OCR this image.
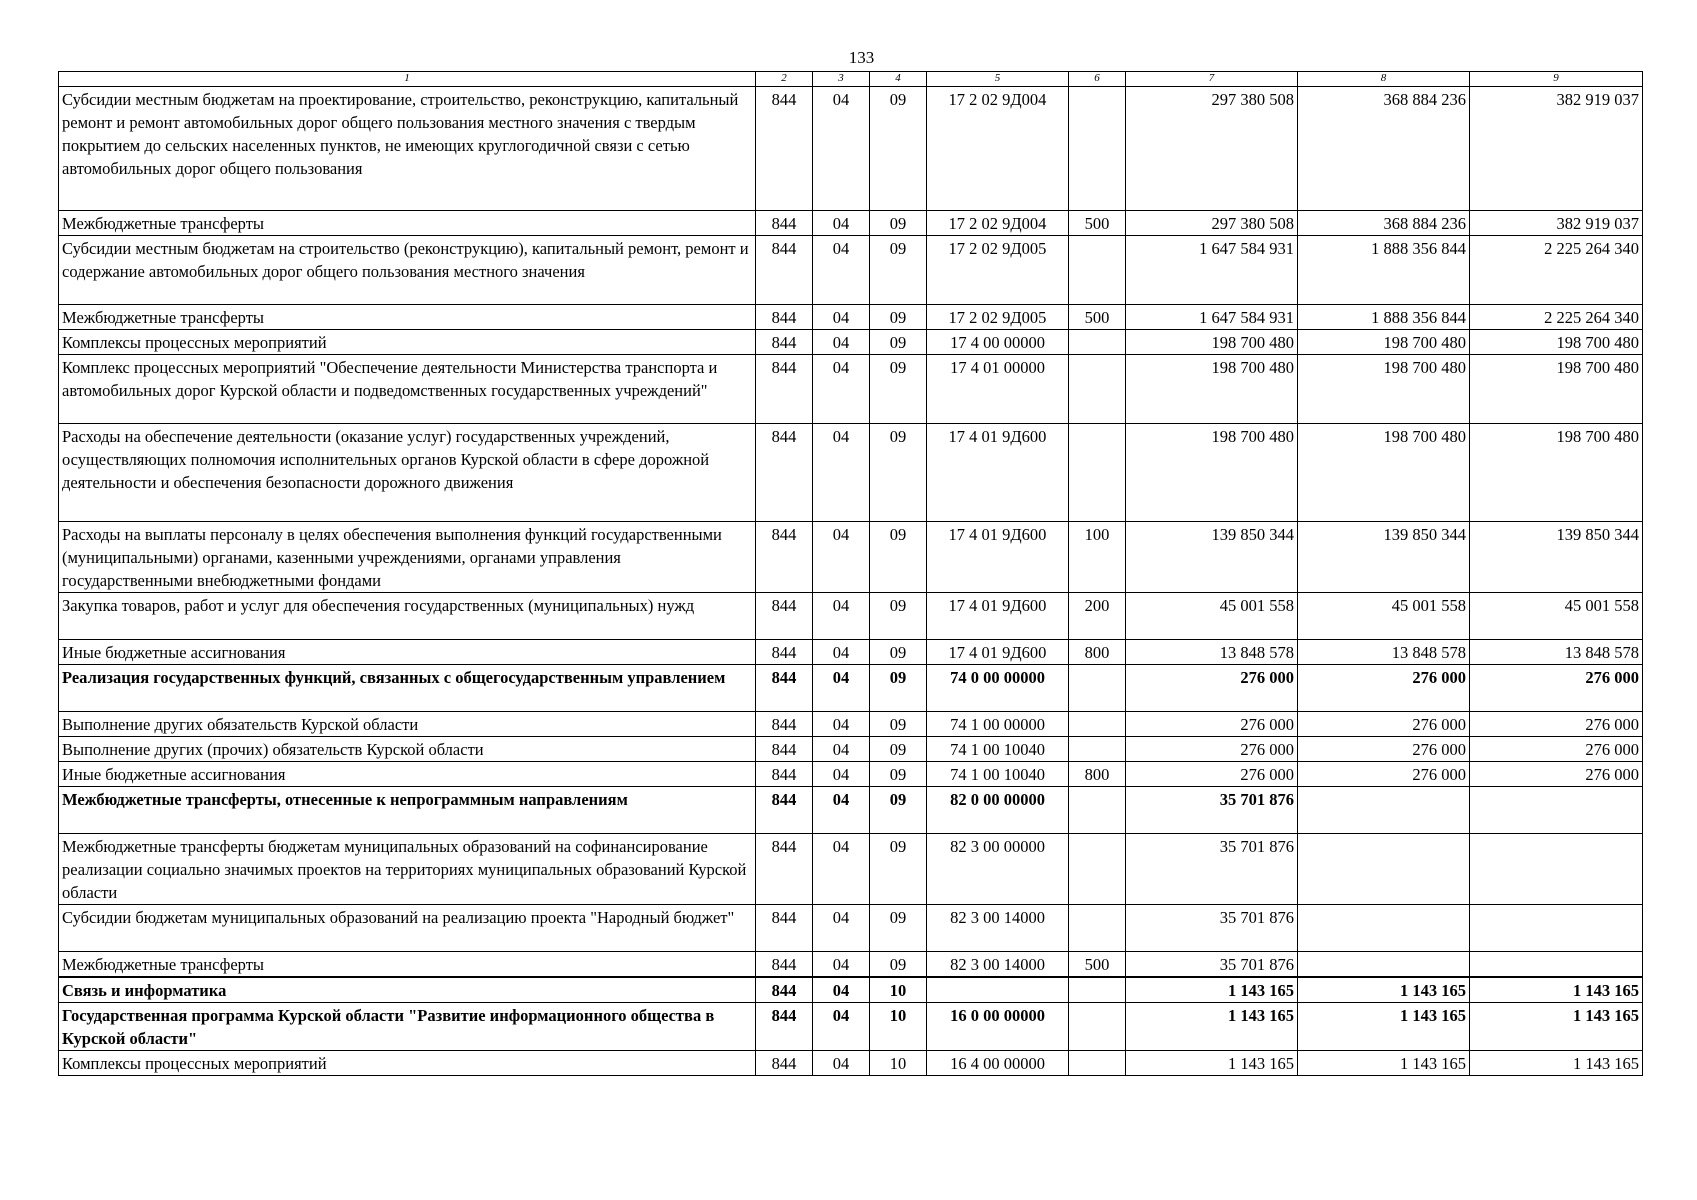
133
1	2	3	4	5	6	7	8	9
Субсидии местным бюджетам на проектирование, строительство, реконструкцию, капитальный ремонт и ремонт автомобильных дорог общего пользования местного значения с твердым покрытием до сельских населенных пунктов, не имеющих круглогодичной связи с сетью автомобильных дорог общего пользования	844	04	09	17 2 02 9Д004		297 380 508	368 884 236	382 919 037
Межбюджетные трансферты	844	04	09	17 2 02 9Д004	500	297 380 508	368 884 236	382 919 037
Субсидии местным бюджетам на строительство (реконструкцию), капитальный ремонт, ремонт и содержание автомобильных дорог общего пользования местного значения	844	04	09	17 2 02 9Д005		1 647 584 931	1 888 356 844	2 225 264 340
Межбюджетные трансферты	844	04	09	17 2 02 9Д005	500	1 647 584 931	1 888 356 844	2 225 264 340
Комплексы процессных мероприятий	844	04	09	17 4 00 00000		198 700 480	198 700 480	198 700 480
Комплекс процессных мероприятий "Обеспечение деятельности Министерства транспорта и автомобильных дорог Курской области и подведомственных государственных учреждений"	844	04	09	17 4 01 00000		198 700 480	198 700 480	198 700 480
Расходы на обеспечение деятельности (оказание услуг) государственных учреждений, осуществляющих полномочия исполнительных органов Курской области в сфере дорожной деятельности и обеспечения безопасности дорожного движения	844	04	09	17 4 01 9Д600		198 700 480	198 700 480	198 700 480
Расходы на выплаты персоналу в целях обеспечения выполнения функций государственными (муниципальными) органами, казенными учреждениями, органами управления государственными внебюджетными фондами	844	04	09	17 4 01 9Д600	100	139 850 344	139 850 344	139 850 344
Закупка товаров, работ и услуг для обеспечения государственных (муниципальных) нужд	844	04	09	17 4 01 9Д600	200	45 001 558	45 001 558	45 001 558
Иные бюджетные ассигнования	844	04	09	17 4 01 9Д600	800	13 848 578	13 848 578	13 848 578
Реализация государственных функций, связанных с общегосударственным управлением	844	04	09	74 0 00 00000		276 000	276 000	276 000
Выполнение других обязательств Курской области	844	04	09	74 1 00 00000		276 000	276 000	276 000
Выполнение других (прочих) обязательств Курской области	844	04	09	74 1 00 10040		276 000	276 000	276 000
Иные бюджетные ассигнования	844	04	09	74 1 00 10040	800	276 000	276 000	276 000
Межбюджетные трансферты, отнесенные к непрограммным направлениям	844	04	09	82 0 00 00000		35 701 876		
Межбюджетные трансферты бюджетам муниципальных образований на софинансирование реализации социально значимых проектов на территориях муниципальных образований Курской области	844	04	09	82 3 00 00000		35 701 876		
Субсидии бюджетам муниципальных образований на реализацию проекта "Народный бюджет"	844	04	09	82 3 00 14000		35 701 876		
Межбюджетные трансферты	844	04	09	82 3 00 14000	500	35 701 876		
Связь и информатика	844	04	10			1 143 165	1 143 165	1 143 165
Государственная программа Курской области "Развитие информационного общества в Курской области"	844	04	10	16 0 00 00000		1 143 165	1 143 165	1 143 165
Комплексы процессных мероприятий	844	04	10	16 4 00 00000		1 143 165	1 143 165	1 143 165
